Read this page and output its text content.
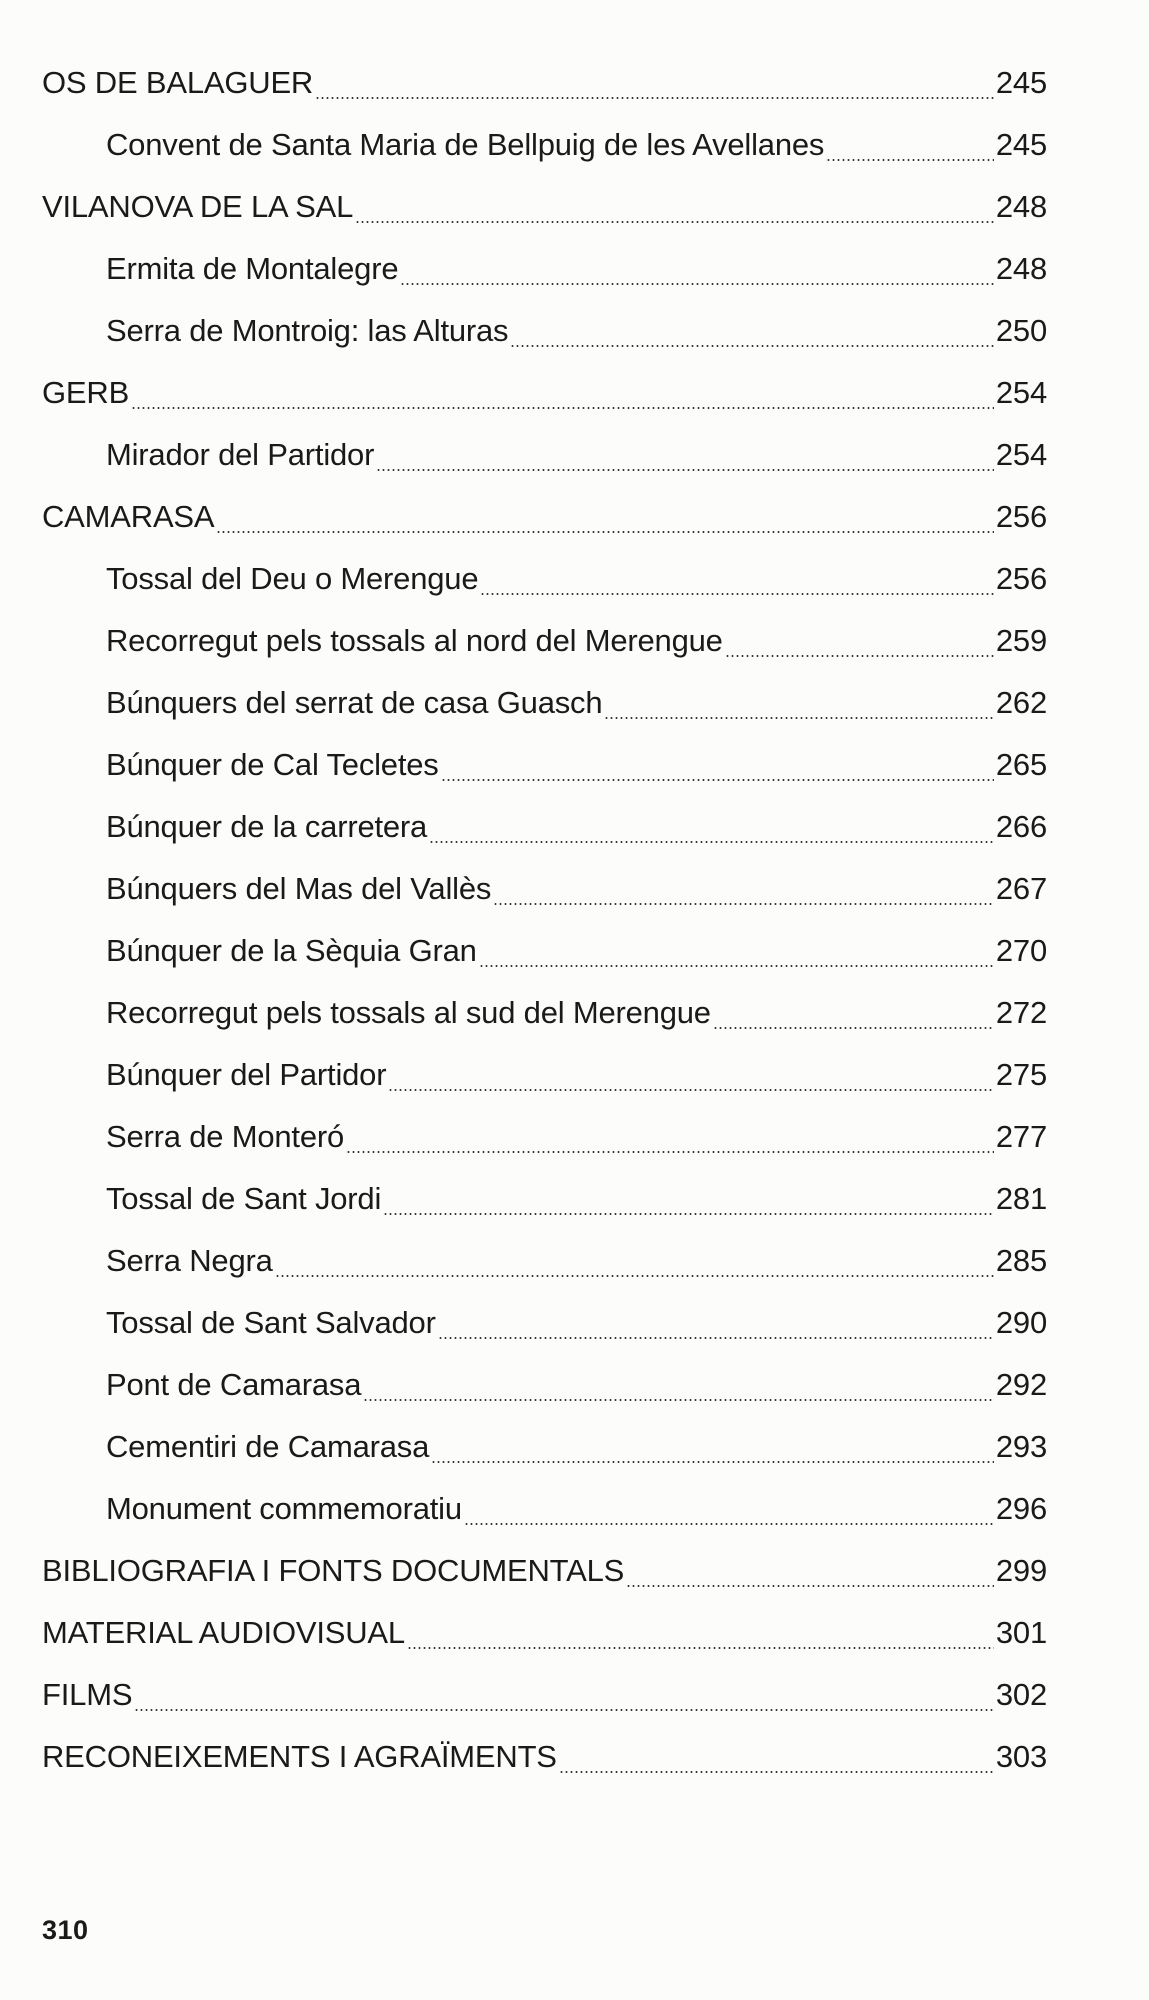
OS DE BALAGUER	245
Convent de Santa Maria de Bellpuig de les Avellanes	245
VILANOVA DE LA SAL	248
Ermita de Montalegre	248
Serra de Montroig: las Alturas	250
GERB	254
Mirador del Partidor	254
CAMARASA	256
Tossal del Deu o Merengue	256
Recorregut pels tossals al nord del Merengue	259
Búnquers del serrat de casa Guasch	262
Búnquer de Cal Tecletes	265
Búnquer de la carretera	266
Búnquers del Mas del Vallès	267
Búnquer de la Sèquia Gran	270
Recorregut pels tossals al sud del Merengue	272
Búnquer del Partidor	275
Serra de Monteró	277
Tossal de Sant Jordi	281
Serra Negra	285
Tossal de Sant Salvador	290
Pont de Camarasa	292
Cementiri de Camarasa	293
Monument commemoratiu	296
BIBLIOGRAFIA I FONTS DOCUMENTALS	299
MATERIAL AUDIOVISUAL	301
FILMS	302
RECONEIXEMENTS I AGRAÏMENTS	303
310
